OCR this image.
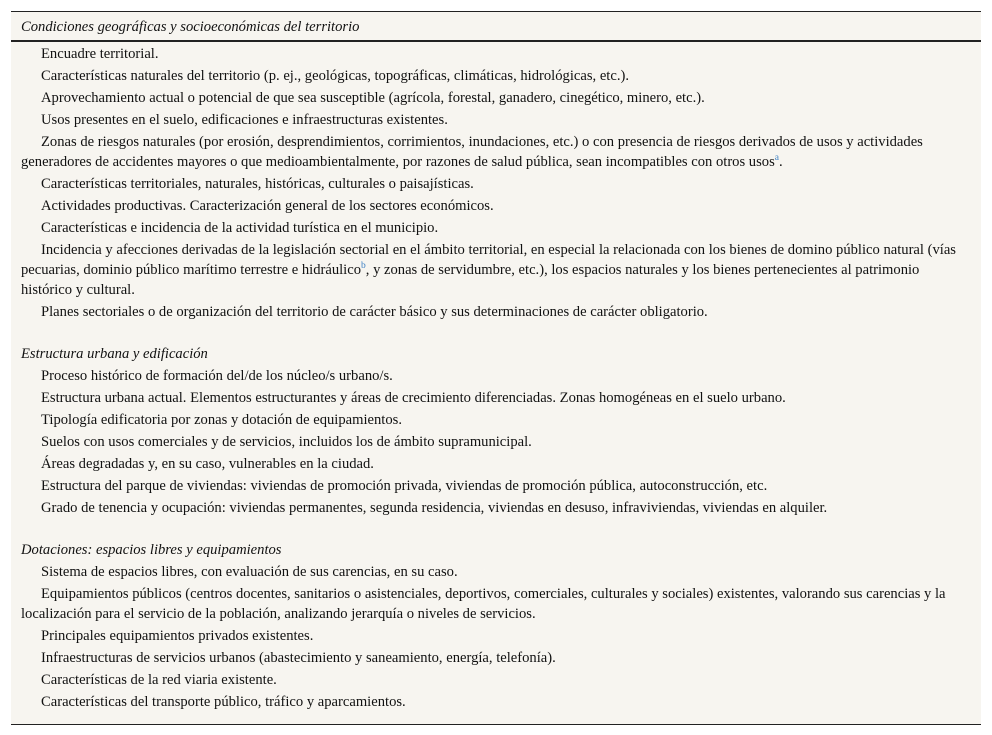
Condiciones geográficas y socioeconómicas del territorio

Encuadre territorial.

Características naturales del territorio (p. ej., geológicas, topográficas, climáticas, hidrológicas, etc.).

Aprovechamiento actual o potencial de que sea susceptible (agrícola, forestal, ganadero, cinegético, minero, etc.).

Usos presentes en el suelo, edificaciones e infraestructuras existentes.

Zonas de riesgos naturales (por erosión, desprendimientos, corrimientos, inundaciones, etc.) o con presencia de riesgos derivados de usos y actividades generadores de accidentes mayores o que medioambientalmente, por razones de salud pública, sean incompatibles con otros usos$^a$.

Características territoriales, naturales, históricas, culturales o paisajísticas.

Actividades productivas. Caracterización general de los sectores económicos.

Características e incidencia de la actividad turística en el municipio.

Incidencia y afecciones derivadas de la legislación sectorial en el ámbito territorial, en especial la relacionada con los bienes de domino público natural (vías pecuarias, dominio público marítimo terrestre e hidráulico$^b$, y zonas de servidumbre, etc.), los espacios naturales y los bienes pertenecientes al patrimonio histórico y cultural.

Planes sectoriales o de organización del territorio de carácter básico y sus determinaciones de carácter obligatorio.

Estructura urbana y edificación

Proceso histórico de formación del/de los núcleo/s urbano/s.

Estructura urbana actual. Elementos estructurantes y áreas de crecimiento diferenciadas. Zonas homogéneas en el suelo urbano.

Tipología edificatoria por zonas y dotación de equipamientos.

Suelos con usos comerciales y de servicios, incluidos los de ámbito supramunicipal.

Áreas degradadas y, en su caso, vulnerables en la ciudad.

Estructura del parque de viviendas: viviendas de promoción privada, viviendas de promoción pública, autoconstrucción, etc.

Grado de tenencia y ocupación: viviendas permanentes, segunda residencia, viviendas en desuso, infraviviendas, viviendas en alquiler.

Dotaciones: espacios libres y equipamientos

Sistema de espacios libres, con evaluación de sus carencias, en su caso.

Equipamientos públicos (centros docentes, sanitarios o asistenciales, deportivos, comerciales, culturales y sociales) existentes, valorando sus carencias y la localización para el servicio de la población, analizando jerarquía o niveles de servicios.

Principales equipamientos privados existentes.

Infraestructuras de servicios urbanos (abastecimiento y saneamiento, energía, telefonía).

Características de la red viaria existente.

Características del transporte público, tráfico y aparcamientos.
